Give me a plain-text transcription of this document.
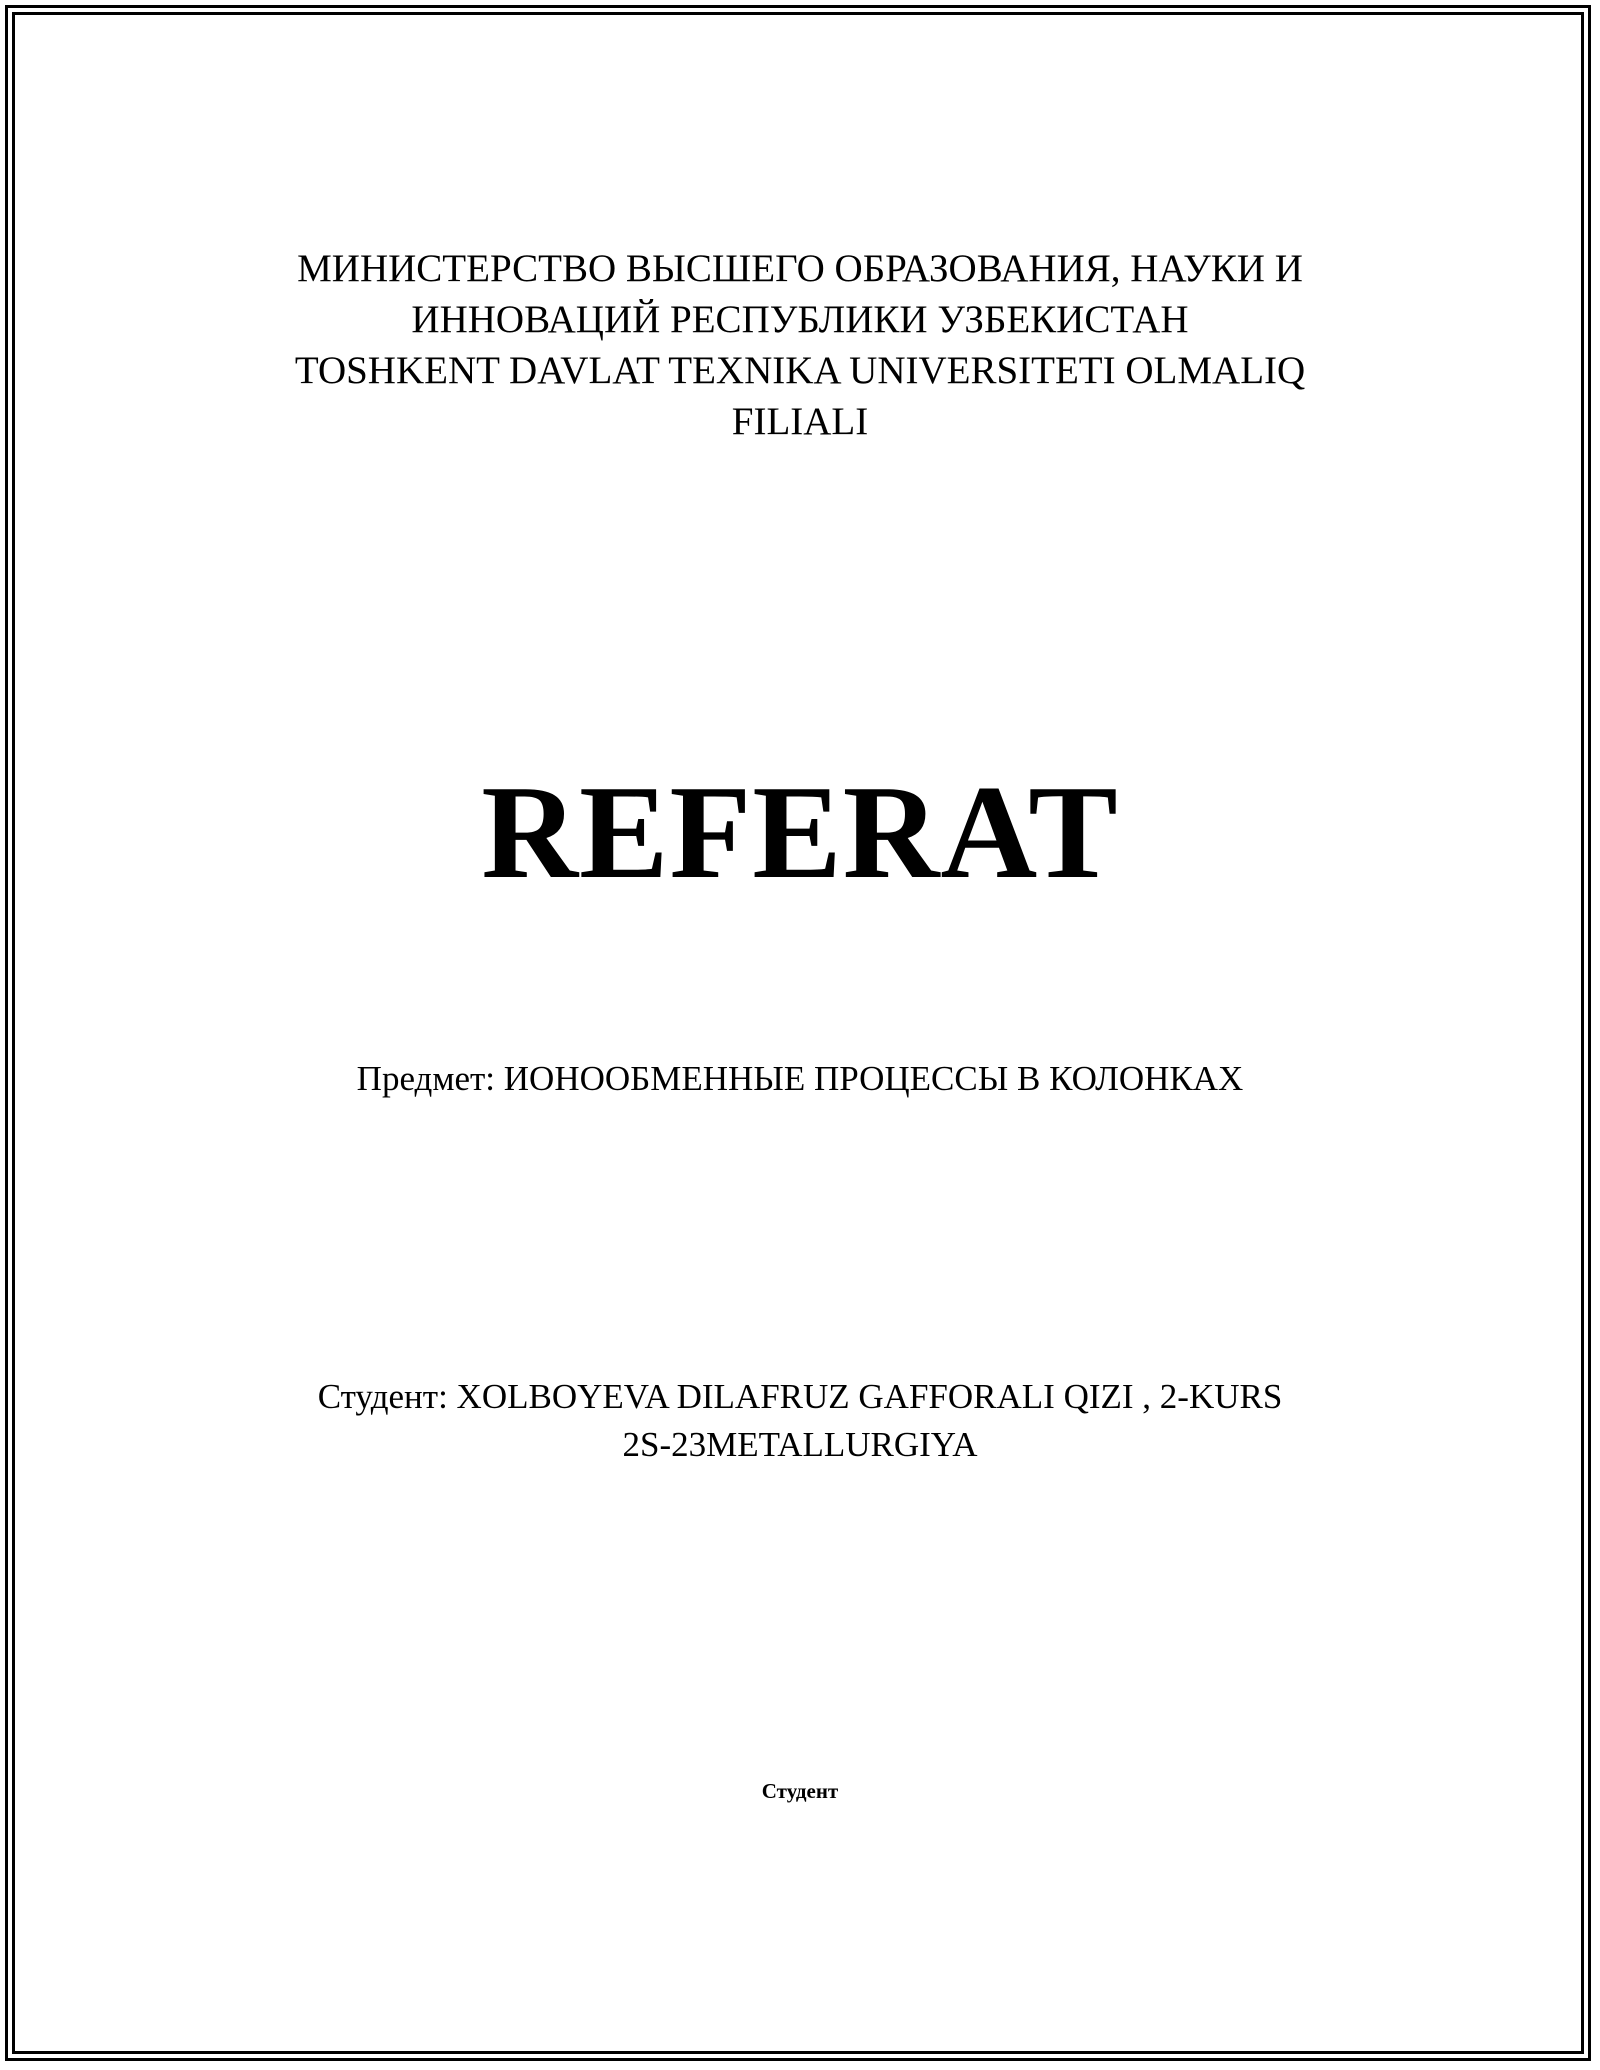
МИНИСТЕРСТВО ВЫСШЕГО ОБРАЗОВАНИЯ, НАУКИ И
ИННОВАЦИЙ РЕСПУБЛИКИ УЗБЕКИСТАН
TOSHKENT DAVLAT TEXNIKA UNIVERSITETI OLMALIQ
FILIALI
REFERAT
Предмет: ИОНООБМЕННЫЕ ПРОЦЕССЫ В КОЛОНКАХ
Студент: XOLBOYEVA DILAFRUZ GAFFORALI QIZI , 2-KURS
2S-23METALLURGIYA
Студент
